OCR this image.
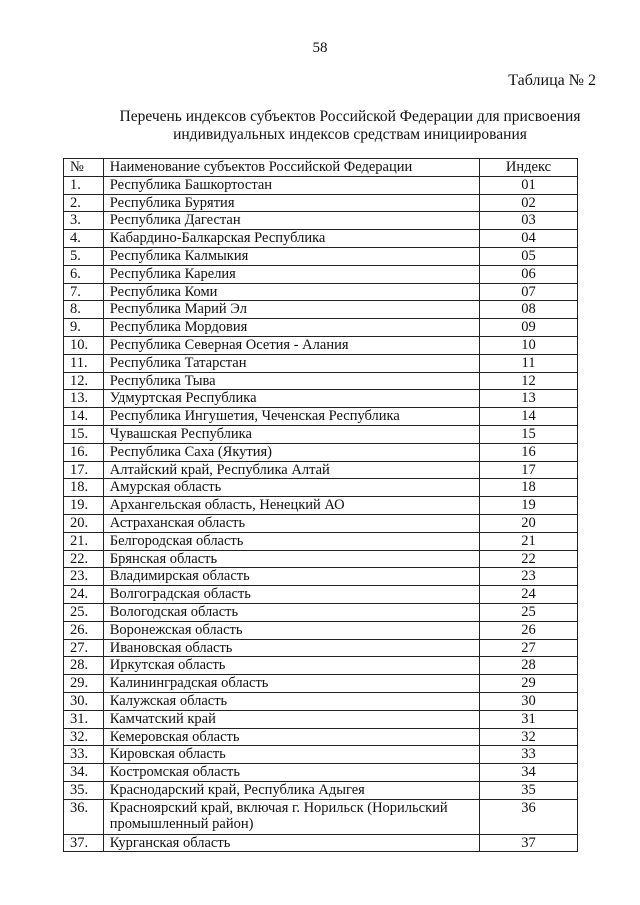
58
Таблица № 2
Перечень индексов субъектов Российской Федерации для присвоения
индивидуальных индексов средствам инициирования
№	Наименование субъектов Российской Федерации	Индекс
1.	Республика Башкортостан	01
2.	Республика Бурятия	02
3.	Республика Дагестан	03
4.	Кабардино-Балкарская Республика	04
5.	Республика Калмыкия	05
6.	Республика Карелия	06
7.	Республика Коми	07
8.	Республика Марий Эл	08
9.	Республика Мордовия	09
10.	Республика Северная Осетия - Алания	10
11.	Республика Татарстан	11
12.	Республика Тыва	12
13.	Удмуртская Республика	13
14.	Республика Ингушетия, Чеченская Республика	14
15.	Чувашская Республика	15
16.	Республика Саха (Якутия)	16
17.	Алтайский край, Республика Алтай	17
18.	Амурская область	18
19.	Архангельская область, Ненецкий АО	19
20.	Астраханская область	20
21.	Белгородская область	21
22.	Брянская область	22
23.	Владимирская область	23
24.	Волгоградская область	24
25.	Вологодская область	25
26.	Воронежская область	26
27.	Ивановская область	27
28.	Иркутская область	28
29.	Калининградская область	29
30.	Калужская область	30
31.	Камчатский край	31
32.	Кемеровская область	32
33.	Кировская область	33
34.	Костромская область	34
35.	Краснодарский край, Республика Адыгея	35
36.	Красноярский край, включая г. Норильск (Норильский промышленный район)	36
37.	Курганская область	37
